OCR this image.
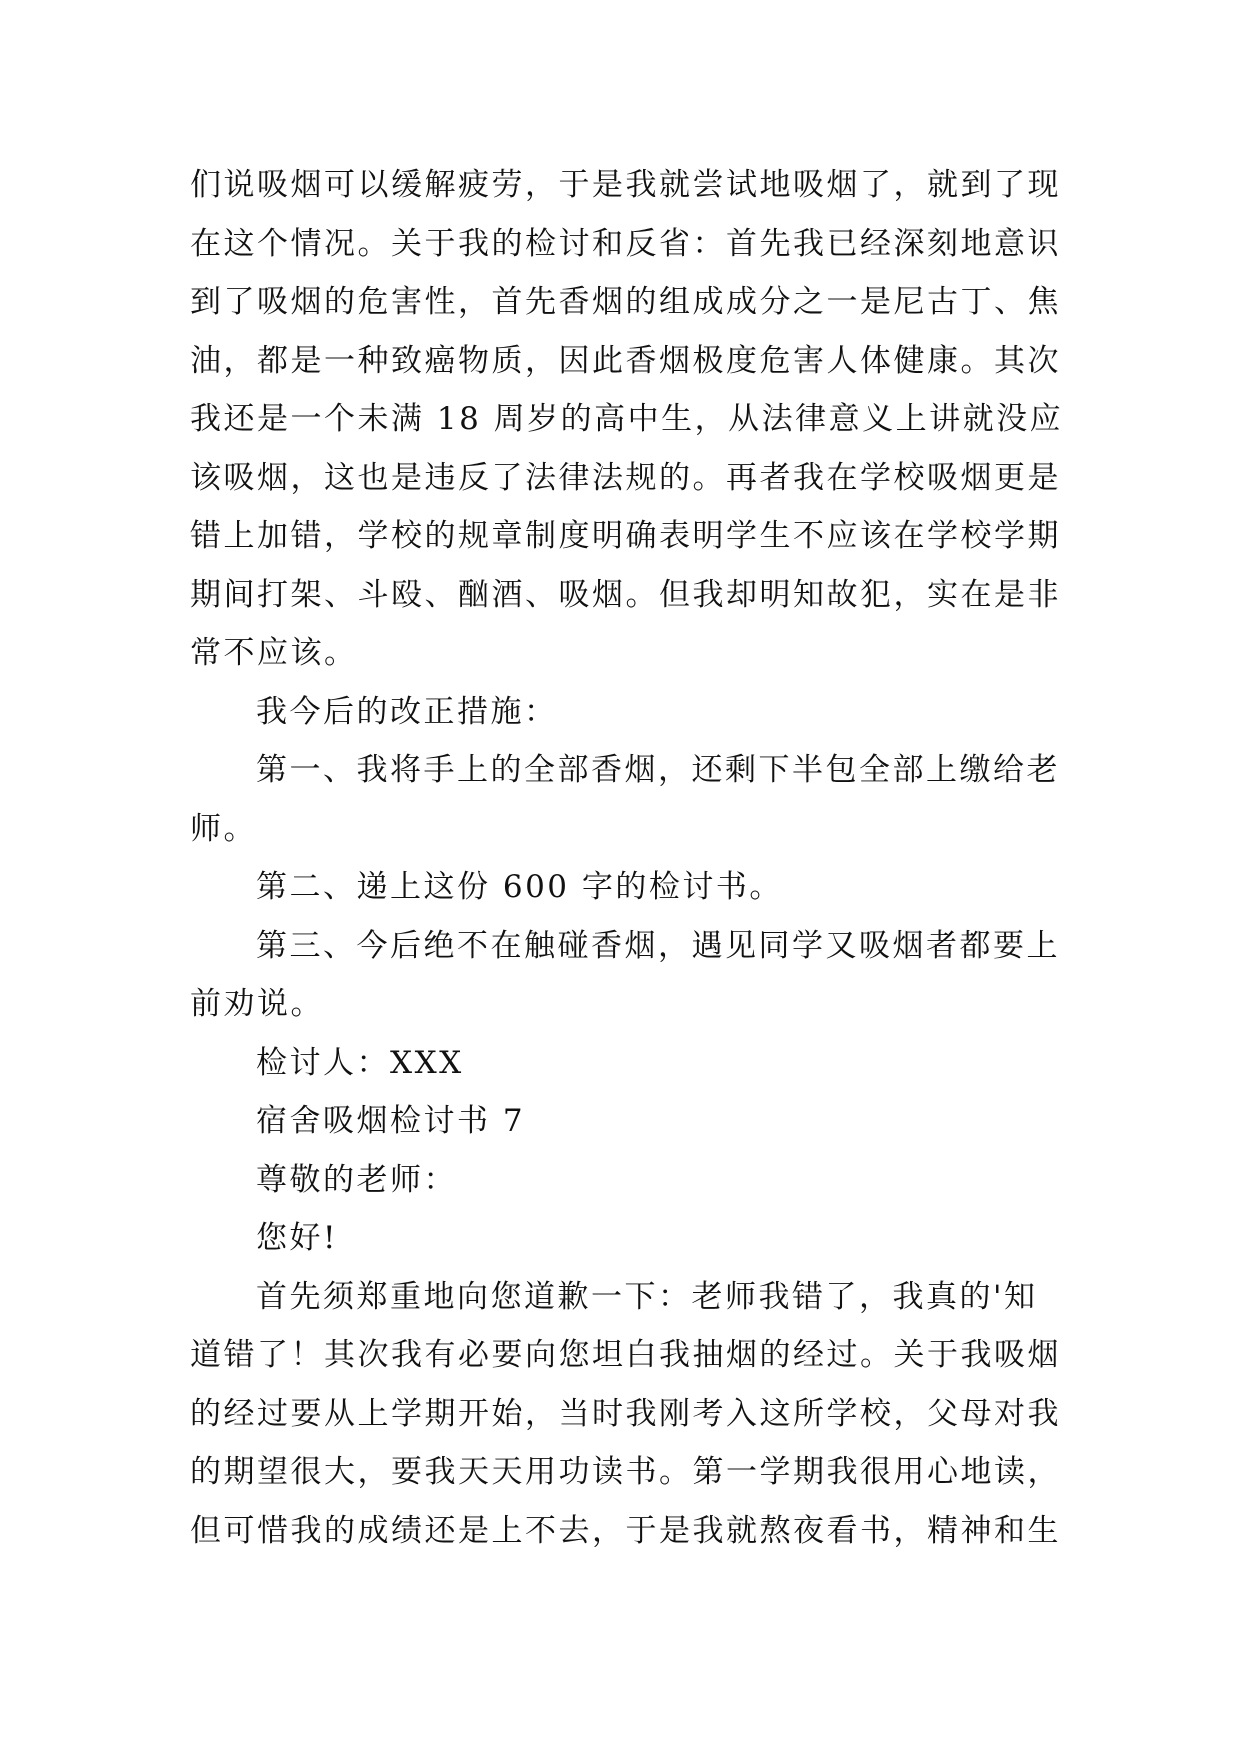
们说吸烟可以缓解疲劳，于是我就尝试地吸烟了，就到了现
在这个情况。关于我的检讨和反省：首先我已经深刻地意识
到了吸烟的危害性，首先香烟的组成成分之一是尼古丁、焦
油，都是一种致癌物质，因此香烟极度危害人体健康。其次
我还是一个未满 18 周岁的高中生，从法律意义上讲就没应
该吸烟，这也是违反了法律法规的。再者我在学校吸烟更是
错上加错，学校的规章制度明确表明学生不应该在学校学期
期间打架、斗殴、酗酒、吸烟。但我却明知故犯，实在是非
常不应该。
我今后的改正措施：
第一、我将手上的全部香烟，还剩下半包全部上缴给老
师。
第二、递上这份 600 字的检讨书。
第三、今后绝不在触碰香烟，遇见同学又吸烟者都要上
前劝说。
检讨人：XXX
宿舍吸烟检讨书 7
尊敬的老师：
您好!
首先须郑重地向您道歉一下：老师我错了，我真的'知
道错了！其次我有必要向您坦白我抽烟的经过。关于我吸烟
的经过要从上学期开始，当时我刚考入这所学校，父母对我
的期望很大，要我天天用功读书。第一学期我很用心地读，
但可惜我的成绩还是上不去，于是我就熬夜看书，精神和生
